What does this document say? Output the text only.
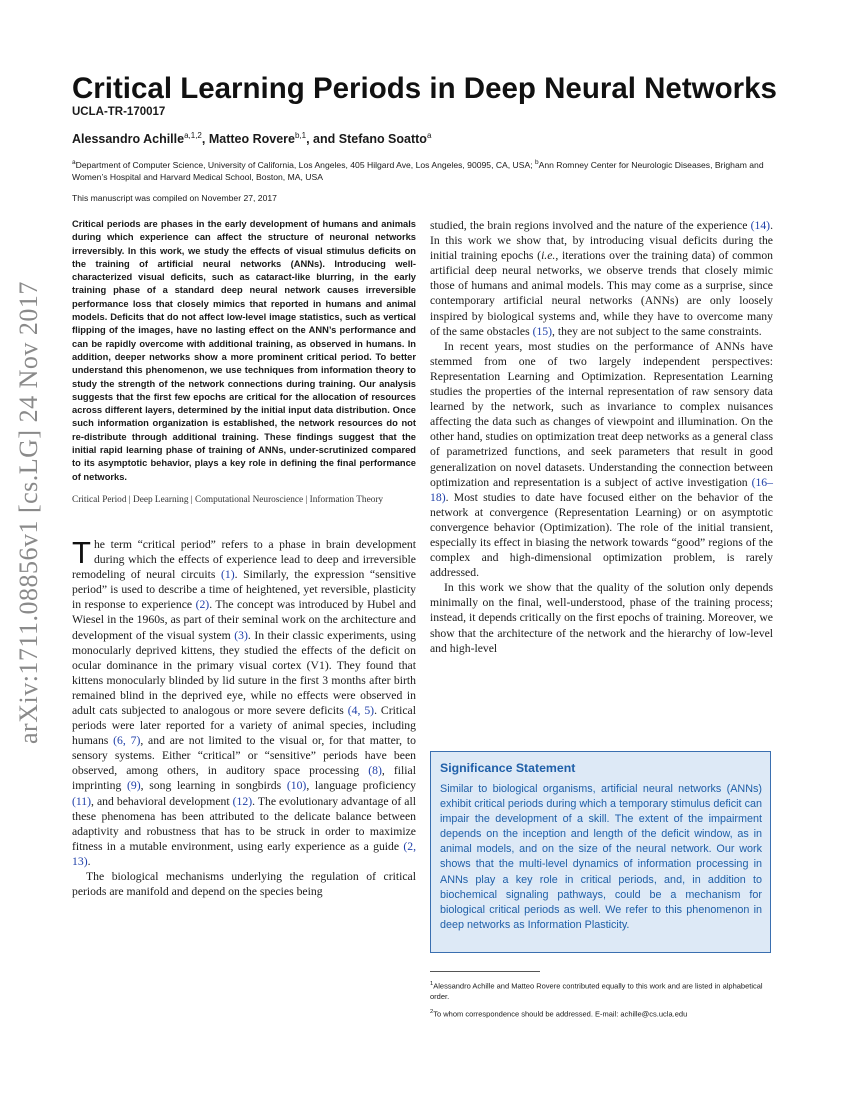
arXiv:1711.08856v1 [cs.LG] 24 Nov 2017
Critical Learning Periods in Deep Neural Networks
UCLA-TR-170017
Alessandro Achille$^{a,1,2}$, Matteo Rovere$^{b,1}$, and Stefano Soatto$^a$
$^a$Department of Computer Science, University of California, Los Angeles, 405 Hilgard Ave, Los Angeles, 90095, CA, USA; $^b$Ann Romney Center for Neurologic Diseases, Brigham and Women’s Hospital and Harvard Medical School, Boston, MA, USA
This manuscript was compiled on November 27, 2017

Critical periods are phases in the early development of humans and animals during which experience can affect the structure of neuronal networks irreversibly. In this work, we study the effects of visual stimulus deficits on the training of artificial neural networks (ANNs). Introducing well-characterized visual deficits, such as cataract-like blurring, in the early training phase of a standard deep neural network causes irreversible performance loss that closely mimics that reported in humans and animal models. Deficits that do not affect low-level image statistics, such as vertical flipping of the images, have no lasting effect on the ANN’s performance and can be rapidly overcome with additional training, as observed in humans. In addition, deeper networks show a more prominent critical period. To better understand this phenomenon, we use techniques from information theory to study the strength of the network connections during training. Our analysis suggests that the first few epochs are critical for the allocation of resources across different layers, determined by the initial input data distribution. Once such information organization is established, the network resources do not re-distribute through additional training. These findings suggest that the initial rapid learning phase of training of ANNs, under-scrutinized compared to its asymptotic behavior, plays a key role in defining the final performance of networks.

Critical Period | Deep Learning | Computational Neuroscience | Information Theory

The term “critical period” refers to a phase in brain development during which the effects of experience lead to deep and irreversible remodeling of neural circuits (1). Similarly, the expression “sensitive period” is used to describe a time of heightened, yet reversible, plasticity in response to experience (2). The concept was introduced by Hubel and Wiesel in the 1960s, as part of their seminal work on the architecture and development of the visual system (3). In their classic experiments, using monocularly deprived kittens, they studied the effects of the deficit on ocular dominance in the primary visual cortex (V1). They found that kittens monocularly blinded by lid suture in the first 3 months after birth remained blind in the deprived eye, while no effects were observed in adult cats subjected to analogous or more severe deficits (4, 5). Critical periods were later reported for a variety of animal species, including humans (6, 7), and are not limited to the visual or, for that matter, to sensory systems. Either “critical” or “sensitive” periods have been observed, among others, in auditory space processing (8), filial imprinting (9), song learning in songbirds (10), language proficiency (11), and behavioral development (12). The evolutionary advantage of all these phenomena has been attributed to the delicate balance between adaptivity and robustness that has to be struck in order to maximize fitness in a mutable environment, using early experience as a guide (2, 13).

The biological mechanisms underlying the regulation of critical periods are manifold and depend on the species being

studied, the brain regions involved and the nature of the experience (14). In this work we show that, by introducing visual deficits during the initial training epochs (i.e., iterations over the training data) of common artificial deep neural networks, we observe trends that closely mimic those of humans and animal models. This may come as a surprise, since contemporary artificial neural networks (ANNs) are only loosely inspired by biological systems and, while they have to overcome many of the same obstacles (15), they are not subject to the same constraints.

In recent years, most studies on the performance of ANNs have stemmed from one of two largely independent perspectives: Representation Learning and Optimization. Representation Learning studies the properties of the internal representation of raw sensory data learned by the network, such as invariance to complex nuisances affecting the data such as changes of viewpoint and illumination. On the other hand, studies on optimization treat deep networks as a general class of parametrized functions, and seek parameters that result in good generalization on novel datasets. Understanding the connection between optimization and representation is a subject of active investigation (16–18). Most studies to date have focused either on the behavior of the network at convergence (Representation Learning) or on asymptotic convergence behavior (Optimization). The role of the initial transient, especially its effect in biasing the network towards “good” regions of the complex and high-dimensional optimization problem, is rarely addressed.

In this work we show that the quality of the solution only depends minimally on the final, well-understood, phase of the training process; instead, it depends critically on the first epochs of training. Moreover, we show that the architecture of the network and the hierarchy of low-level and high-level

Significance Statement

Similar to biological organisms, artificial neural networks (ANNs) exhibit critical periods during which a temporary stimulus deficit can impair the development of a skill. The extent of the impairment depends on the inception and length of the deficit window, as in animal models, and on the size of the neural network. Our work shows that the multi-level dynamics of information processing in ANNs play a key role in critical periods, and, in addition to biochemical signaling pathways, could be a mechanism for biological critical periods as well. We refer to this phenomenon in deep networks as Information Plasticity.

$^1$Alessandro Achille and Matteo Rovere contributed equally to this work and are listed in alphabetical order.

$^2$To whom correspondence should be addressed. E-mail: achille@cs.ucla.edu
